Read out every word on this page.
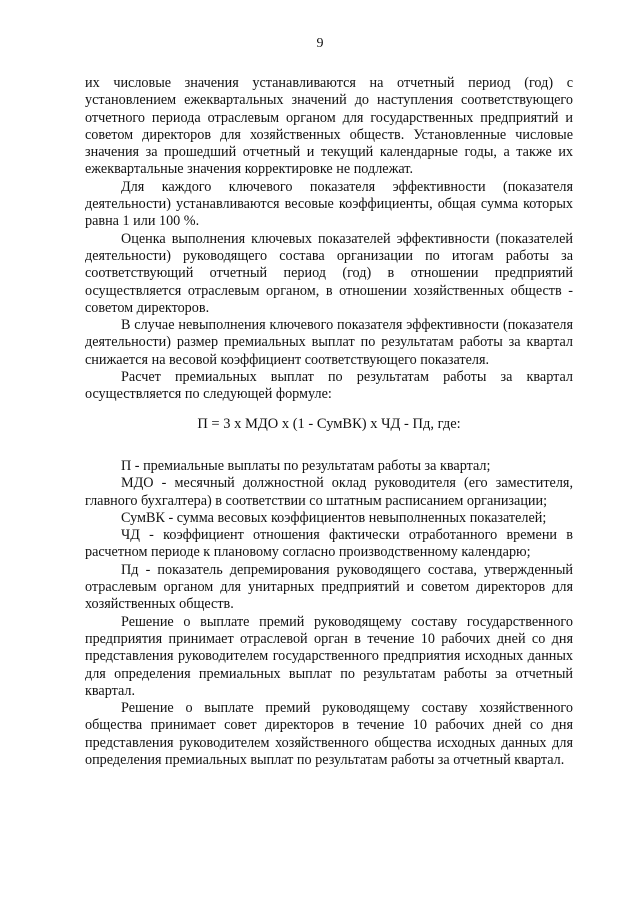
9

их числовые значения устанавливаются на отчетный период (год) с установлением ежеквартальных значений до наступления соответствующего отчетного периода отраслевым органом для государственных предприятий и советом директоров для хозяйственных обществ. Установленные числовые значения за прошедший отчетный и текущий календарные годы, а также их ежеквартальные значения корректировке не подлежат.

Для каждого ключевого показателя эффективности (показателя деятельности) устанавливаются весовые коэффициенты, общая сумма которых равна 1 или 100 %.

Оценка выполнения ключевых показателей эффективности (показателей деятельности) руководящего состава организации по итогам работы за соответствующий отчетный период (год) в отношении предприятий осуществляется отраслевым органом, в отношении хозяйственных обществ - советом директоров.

В случае невыполнения ключевого показателя эффективности (показателя деятельности) размер премиальных выплат по результатам работы за квартал снижается на весовой коэффициент соответствующего показателя.

Расчет премиальных выплат по результатам работы за квартал осуществляется по следующей формуле:

П = 3 х МДО х (1 - СумВК) х ЧД - Пд, где:

П - премиальные выплаты по результатам работы за квартал;

МДО - месячный должностной оклад руководителя (его заместителя, главного бухгалтера) в соответствии со штатным расписанием организации;

СумВК - сумма весовых коэффициентов невыполненных показателей;

ЧД - коэффициент отношения фактически отработанного времени в расчетном периоде к плановому согласно производственному календарю;

Пд - показатель депремирования руководящего состава, утвержденный отраслевым органом для унитарных предприятий и советом директоров для хозяйственных обществ.

Решение о выплате премий руководящему составу государственного предприятия принимает отраслевой орган в течение 10 рабочих дней со дня представления руководителем государственного предприятия исходных данных для определения премиальных выплат по результатам работы за отчетный квартал.

Решение о выплате премий руководящему составу хозяйственного общества принимает совет директоров в течение 10 рабочих дней со дня представления руководителем хозяйственного общества исходных данных для определения премиальных выплат по результатам работы за отчетный квартал.
